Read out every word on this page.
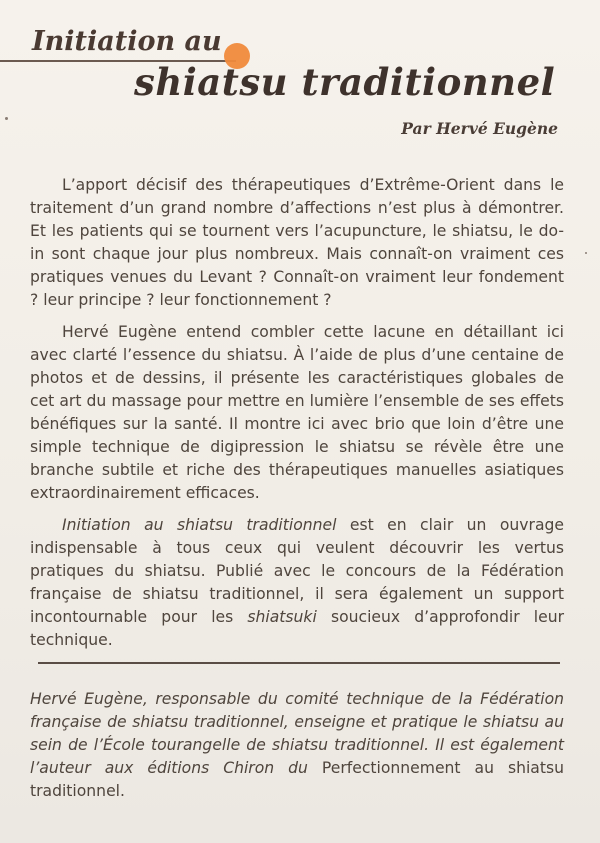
Initiation au
shiatsu traditionnel
Par Hervé Eugène

L’apport décisif des thérapeutiques d’Extrême-Orient dans le traitement d’un grand nombre d’affections n’est plus à démontrer. Et les patients qui se tournent vers l’acupuncture, le shiatsu, le do-in sont chaque jour plus nombreux. Mais connaît-on vraiment ces pratiques venues du Levant ? Connaît-on vraiment leur fondement ? leur principe ? leur fonctionnement ?

Hervé Eugène entend combler cette lacune en détaillant ici avec clarté l’essence du shiatsu. À l’aide de plus d’une centaine de photos et de dessins, il présente les caractéristiques globales de cet art du massage pour mettre en lumière l’ensemble de ses effets bénéfiques sur la santé. Il montre ici avec brio que loin d’être une simple technique de digipression le shiatsu se révèle être une branche subtile et riche des thérapeutiques manuelles asiatiques extraordinairement efficaces.

Initiation au shiatsu traditionnel est en clair un ouvrage indispensable à tous ceux qui veulent découvrir les vertus pratiques du shiatsu. Publié avec le concours de la Fédération française de shiatsu traditionnel, il sera également un support incontournable pour les shiatsuki soucieux d’approfondir leur technique.

Hervé Eugène, responsable du comité technique de la Fédération française de shiatsu traditionnel, enseigne et pratique le shiatsu au sein de l’École tourangelle de shiatsu traditionnel. Il est également l’auteur aux éditions Chiron du Perfectionnement au shiatsu traditionnel.
